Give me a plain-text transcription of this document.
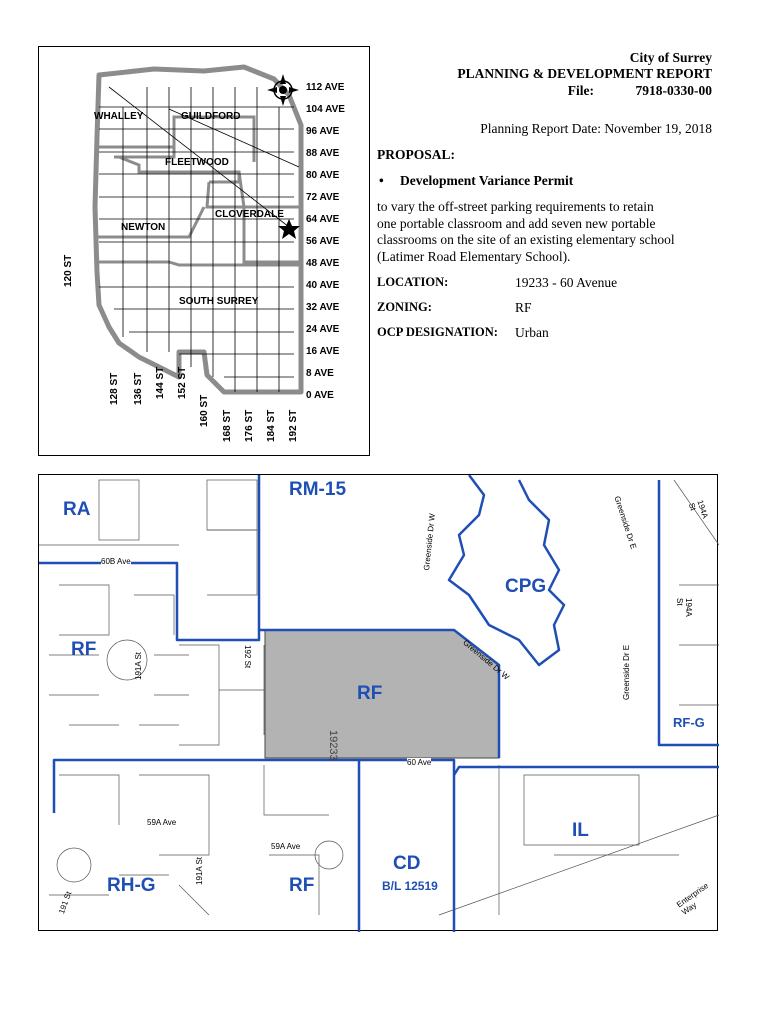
WHALLEY	GUILDFORD
FLEETWOOD
NEWTON
CLOVERDALE
SOUTH SURREY
112 AVE
104 AVE
96 AVE
88 AVE
80 AVE
72 AVE
64 AVE
56 AVE
48 AVE
40 AVE
32 AVE
24 AVE
16 AVE
8 AVE
0 AVE
120 ST
128 ST 136 ST 144 ST 152 ST
160 ST 168 ST 176 ST 184 ST 192 ST
City of Surrey
PLANNING & DEVELOPMENT REPORT
File:	7918-0330-00
Planning Report Date: November 19, 2018
PROPOSAL:
• Development Variance Permit
to vary the off-street parking requirements to retain
one portable classroom and add seven new portable
classrooms on the site of an existing elementary school
(Latimer Road Elementary School).
LOCATION:	19233 - 60 Avenue
ZONING:	RF
OCP DESIGNATION: Urban
RA
RM-15
CPG
RF
RF
RF
RF-G
RH-G
CD
B/L 12519
IL
60B Ave	Greenside Dr W
Greenside Dr W
Greenside Dr E
Greenside Dr E
194A St
194A St
192 St
191A St
19233
60 Ave
59A Ave
59A Ave
191A St
191 St	Enterprise Way
